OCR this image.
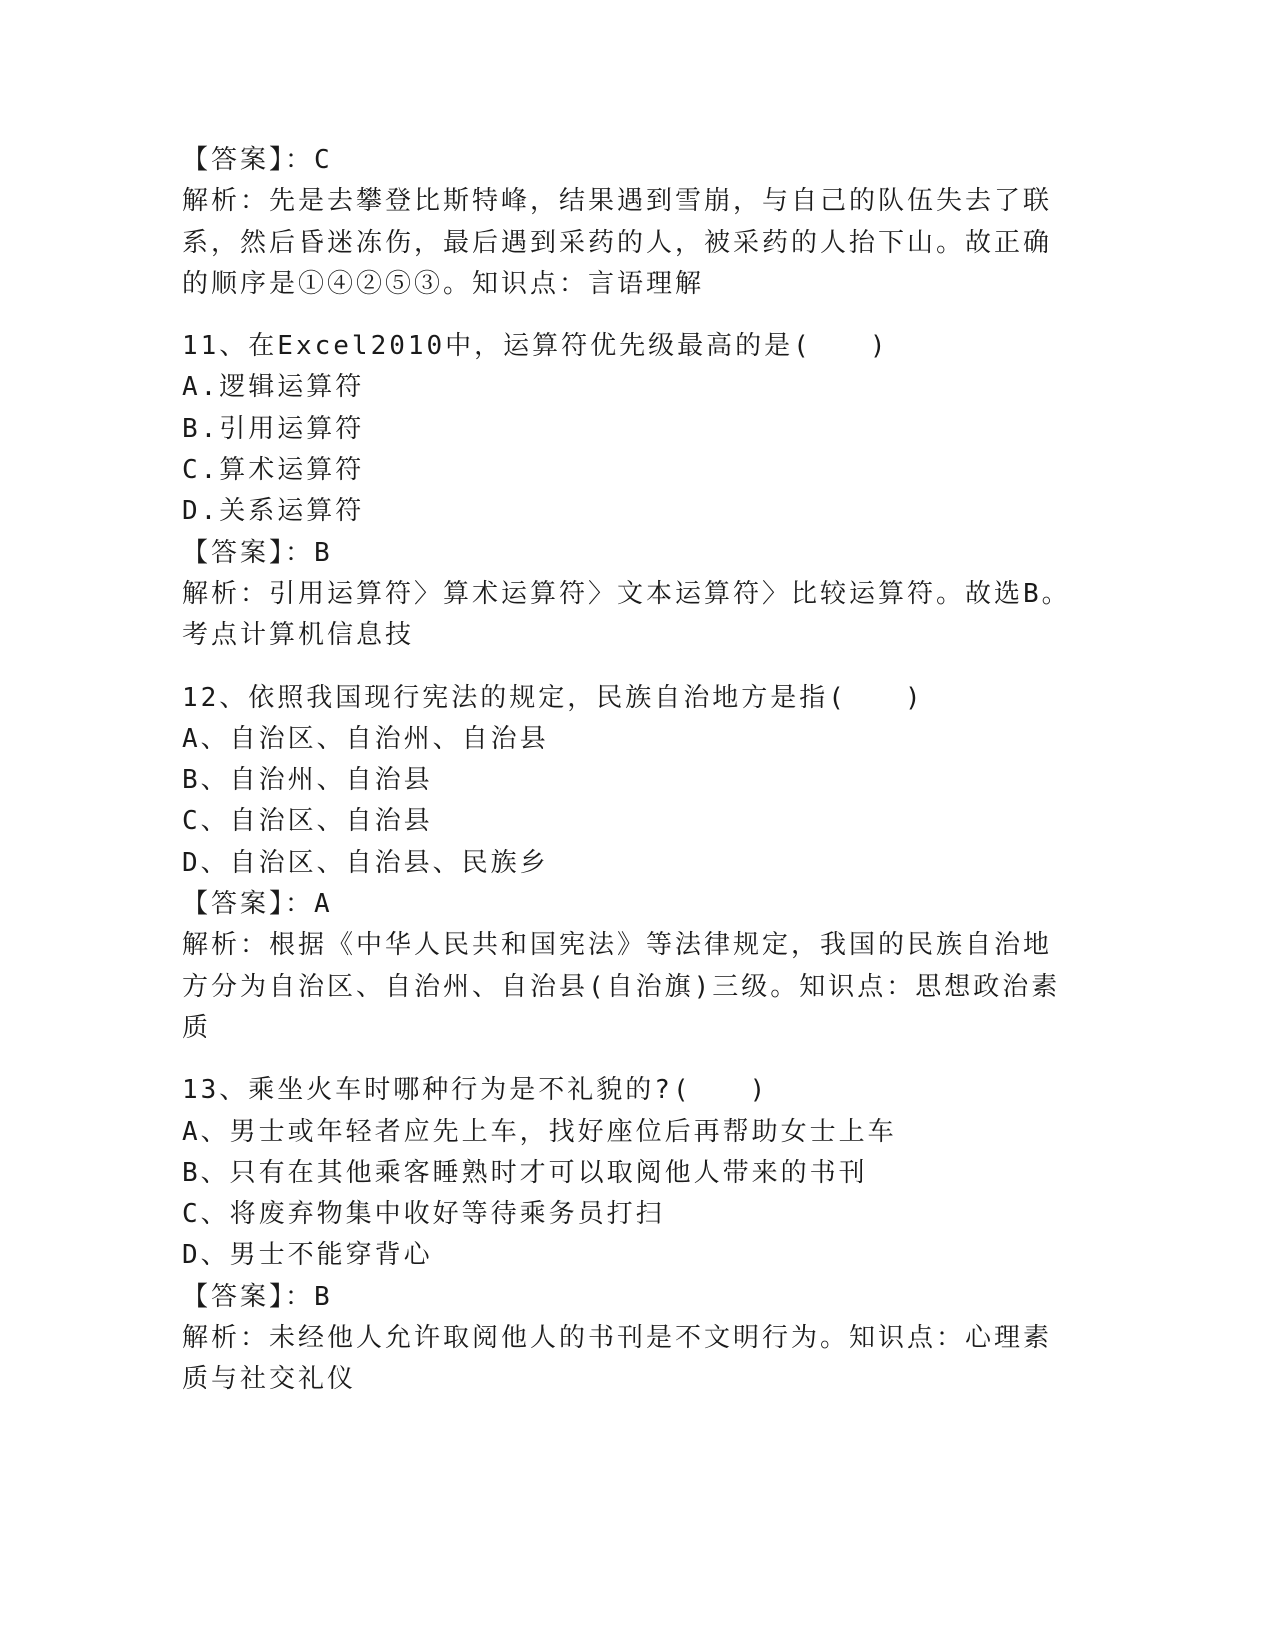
【答案】：C
解析：先是去攀登比斯特峰，结果遇到雪崩，与自己的队伍失去了联
系，然后昏迷冻伤，最后遇到采药的人，被采药的人抬下山。故正确
的顺序是①④②⑤③。知识点：言语理解
11、在Excel2010中，运算符优先级最高的是(　　)
A.逻辑运算符
B.引用运算符
C.算术运算符
D.关系运算符
【答案】：B
解析：引用运算符〉算术运算符〉文本运算符〉比较运算符。故选B。
考点计算机信息技
12、依照我国现行宪法的规定，民族自治地方是指(　　)
A、自治区、自治州、自治县
B、自治州、自治县
C、自治区、自治县
D、自治区、自治县、民族乡
【答案】：A
解析：根据《中华人民共和国宪法》等法律规定，我国的民族自治地
方分为自治区、自治州、自治县(自治旗)三级。知识点：思想政治素
质
13、乘坐火车时哪种行为是不礼貌的?(　　)
A、男士或年轻者应先上车，找好座位后再帮助女士上车
B、只有在其他乘客睡熟时才可以取阅他人带来的书刊
C、将废弃物集中收好等待乘务员打扫
D、男士不能穿背心
【答案】：B
解析：未经他人允许取阅他人的书刊是不文明行为。知识点：心理素
质与社交礼仪
